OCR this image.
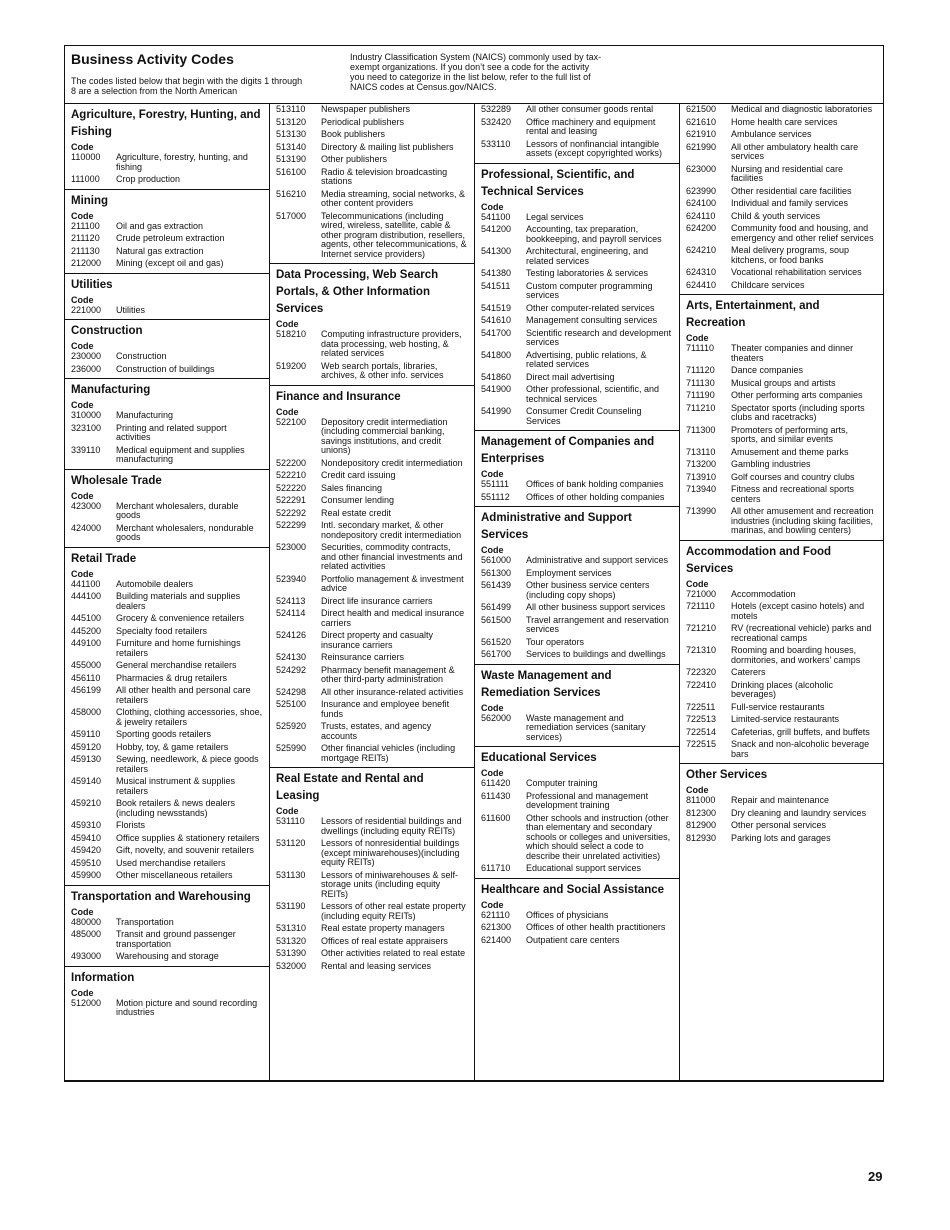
Business Activity Codes
The codes listed below that begin with the digits 1 through 8 are a selection from the North American
Industry Classification System (NAICS) commonly used by tax-exempt organizations. If you don’t see a code for the activity you need to categorize in the list below, refer to the full list of NAICS codes at Census.gov/NAICS.
Agriculture, Forestry, Hunting, and Fishing
Code
110000	Agriculture, forestry, hunting, and fishing
111000	Crop production
Mining
Code
211100	Oil and gas extraction
211120	Crude petroleum extraction
211130	Natural gas extraction
212000	Mining (except oil and gas)
Utilities
Code
221000	Utilities
Construction
Code
230000	Construction
236000	Construction of buildings
Manufacturing
Code
310000	Manufacturing
323100	Printing and related support activities
339110	Medical equipment and supplies manufacturing
Wholesale Trade
Code
423000	Merchant wholesalers, durable goods
424000	Merchant wholesalers, nondurable goods
Retail Trade
Code
441100	Automobile dealers
444100	Building materials and supplies dealers
445100	Grocery & convenience retailers
445200	Specialty food retailers
449100	Furniture and home furnishings retailers
455000	General merchandise retailers
456110	Pharmacies & drug retailers
456199	All other health and personal care retailers
458000	Clothing, clothing accessories, shoe, & jewelry retailers
459110	Sporting goods retailers
459120	Hobby, toy, & game retailers
459130	Sewing, needlework, & piece goods retailers
459140	Musical instrument & supplies retailers
459210	Book retailers & news dealers (including newsstands)
459310	Florists
459410	Office supplies & stationery retailers
459420	Gift, novelty, and souvenir retailers
459510	Used merchandise retailers
459900	Other miscellaneous retailers
Transportation and Warehousing
Code
480000	Transportation
485000	Transit and ground passenger transportation
493000	Warehousing and storage
Information
Code
512000	Motion picture and sound recording industries
513110	Newspaper publishers
513120	Periodical publishers
513130	Book publishers
513140	Directory & mailing list publishers
513190	Other publishers
516100	Radio & television broadcasting stations
516210	Media streaming, social networks, & other content providers
517000	Telecommunications (including wired, wireless, satellite, cable & other program distribution, resellers, agents, other telecommunications, & Internet service providers)
Data Processing, Web Search Portals, & Other Information Services
Code
518210	Computing infrastructure providers, data processing, web hosting, & related services
519200	Web search portals, libraries, archives, & other info. services
Finance and Insurance
Code
522100	Depository credit intermediation (including commercial banking, savings institutions, and credit unions)
522200	Nondepository credit intermediation
522210	Credit card issuing
522220	Sales financing
522291	Consumer lending
522292	Real estate credit
522299	Intl. secondary market, & other nondepository credit intermediation
523000	Securities, commodity contracts, and other financial investments and related activities
523940	Portfolio management & investment advice
524113	Direct life insurance carriers
524114	Direct health and medical insurance carriers
524126	Direct property and casualty insurance carriers
524130	Reinsurance carriers
524292	Pharmacy benefit management & other third-party administration
524298	All other insurance-related activities
525100	Insurance and employee benefit funds
525920	Trusts, estates, and agency accounts
525990	Other financial vehicles (including mortgage REITs)
Real Estate and Rental and Leasing
Code
531110	Lessors of residential buildings and dwellings (including equity REITs)
531120	Lessors of nonresidential buildings (except miniwarehouses)(including equity REITs)
531130	Lessors of miniwarehouses & self-storage units (including equity REITs)
531190	Lessors of other real estate property (including equity REITs)
531310	Real estate property managers
531320	Offices of real estate appraisers
531390	Other activities related to real estate
532000	Rental and leasing services
532289	All other consumer goods rental
532420	Office machinery and equipment rental and leasing
533110	Lessors of nonfinancial intangible assets (except copyrighted works)
Professional, Scientific, and Technical Services
Code
541100	Legal services
541200	Accounting, tax preparation, bookkeeping, and payroll services
541300	Architectural, engineering, and related services
541380	Testing laboratories & services
541511	Custom computer programming services
541519	Other computer-related services
541610	Management consulting services
541700	Scientific research and development services
541800	Advertising, public relations, & related services
541860	Direct mail advertising
541900	Other professional, scientific, and technical services
541990	Consumer Credit Counseling Services
Management of Companies and Enterprises
Code
551111	Offices of bank holding companies
551112	Offices of other holding companies
Administrative and Support Services
Code
561000	Administrative and support services
561300	Employment services
561439	Other business service centers (including copy shops)
561499	All other business support services
561500	Travel arrangement and reservation services
561520	Tour operators
561700	Services to buildings and dwellings
Waste Management and Remediation Services
Code
562000	Waste management and remediation services (sanitary services)
Educational Services
Code
611420	Computer training
611430	Professional and management development training
611600	Other schools and instruction (other than elementary and secondary schools or colleges and universities, which should select a code to describe their unrelated activities)
611710	Educational support services
Healthcare and Social Assistance
Code
621110	Offices of physicians
621300	Offices of other health practitioners
621400	Outpatient care centers
621500	Medical and diagnostic laboratories
621610	Home health care services
621910	Ambulance services
621990	All other ambulatory health care services
623000	Nursing and residential care facilities
623990	Other residential care facilities
624100	Individual and family services
624110	Child & youth services
624200	Community food and housing, and emergency and other relief services
624210	Meal delivery programs, soup kitchens, or food banks
624310	Vocational rehabilitation services
624410	Childcare services
Arts, Entertainment, and Recreation
Code
711110	Theater companies and dinner theaters
711120	Dance companies
711130	Musical groups and artists
711190	Other performing arts companies
711210	Spectator sports (including sports clubs and racetracks)
711300	Promoters of performing arts, sports, and similar events
713110	Amusement and theme parks
713200	Gambling industries
713910	Golf courses and country clubs
713940	Fitness and recreational sports centers
713990	All other amusement and recreation industries (including skiing facilities, marinas, and bowling centers)
Accommodation and Food Services
Code
721000	Accommodation
721110	Hotels (except casino hotels) and motels
721210	RV (recreational vehicle) parks and recreational camps
721310	Rooming and boarding houses, dormitories, and workers’ camps
722320	Caterers
722410	Drinking places (alcoholic beverages)
722511	Full-service restaurants
722513	Limited-service restaurants
722514	Cafeterias, grill buffets, and buffets
722515	Snack and non-alcoholic beverage bars
Other Services
Code
811000	Repair and maintenance
812300	Dry cleaning and laundry services
812900	Other personal services
812930	Parking lots and garages
29
